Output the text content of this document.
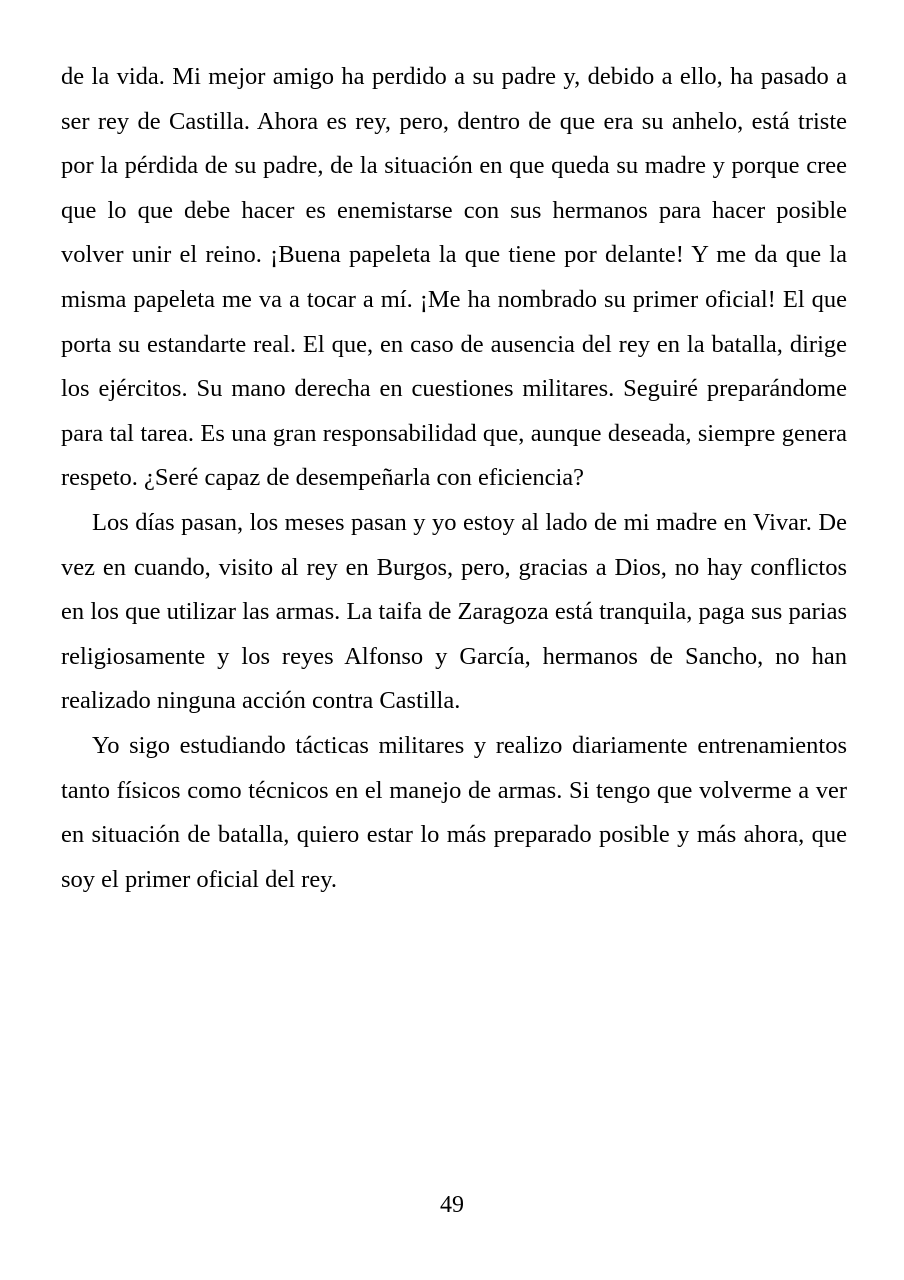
de la vida. Mi mejor amigo ha perdido a su padre y, debido a ello, ha pasado a ser rey de Castilla. Ahora es rey, pero, dentro de que era su anhelo, está triste por la pérdida de su padre, de la situación en que queda su madre y porque cree que lo que debe hacer es enemistarse con sus hermanos para hacer posible volver unir el reino. ¡Buena papeleta la que tiene por delante! Y me da que la misma papeleta me va a tocar a mí. ¡Me ha nombrado su primer oficial! El que porta su estandarte real. El que, en caso de ausencia del rey en la batalla, dirige los ejércitos. Su mano derecha en cuestiones militares. Seguiré preparándome para tal tarea. Es una gran responsabilidad que, aunque deseada, siempre genera respeto. ¿Seré capaz de desempeñarla con eficiencia?

Los días pasan, los meses pasan y yo estoy al lado de mi madre en Vivar. De vez en cuando, visito al rey en Burgos, pero, gracias a Dios, no hay conflictos en los que utilizar las armas. La taifa de Zaragoza está tranquila, paga sus parias religiosamente y los reyes Alfonso y García, hermanos de Sancho, no han realizado ninguna acción contra Castilla.

Yo sigo estudiando tácticas militares y realizo diariamente entrenamientos tanto físicos como técnicos en el manejo de armas. Si tengo que volverme a ver en situación de batalla, quiero estar lo más preparado posible y más ahora, que soy el primer oficial del rey.

49
